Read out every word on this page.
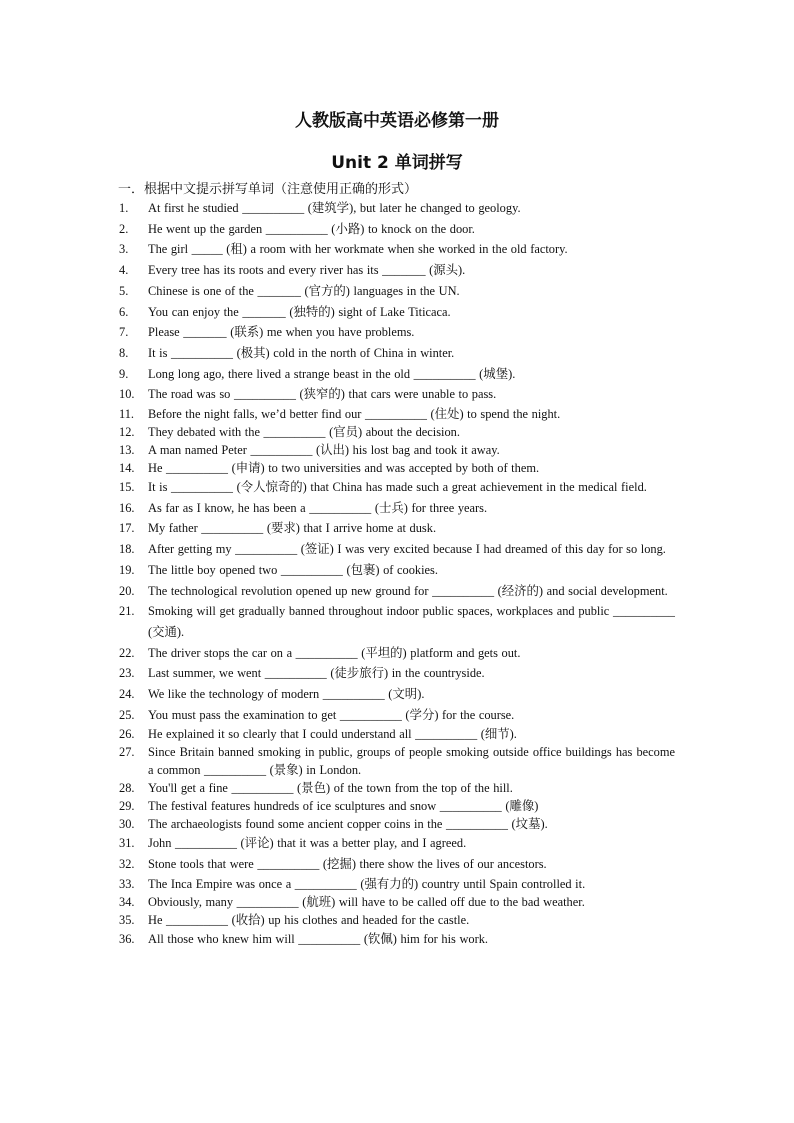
人教版高中英语必修第一册
Unit 2 单词拼写
一．根据中文提示拼写单词（注意使用正确的形式）
1.	At first he studied __________ (建筑学), but later he changed to geology.
2.	He went up the garden __________ (小路) to knock on the door.
3.	The girl _____ (租) a room with her workmate when she worked in the old factory.
4.	Every tree has its roots and every river has its _______ (源头).
5.	Chinese is one of the _______ (官方的) languages in the UN.
6.	You can enjoy the _______ (独特的) sight of Lake Titicaca.
7.	Please _______ (联系) me when you have problems.
8.	It is __________ (极其) cold in the north of China in winter.
9.	Long long ago, there lived a strange beast in the old __________ (城堡).
10.	The road was so __________ (狭窄的) that cars were unable to pass.
11.	Before the night falls, we’d better find our __________ (住处) to spend the night.
12.	They debated with the __________ (官员) about the decision.
13.	A man named Peter __________ (认出) his lost bag and took it away.
14.	He __________ (申请) to two universities and was accepted by both of them.
15.	It is __________ (令人惊奇的) that China has made such a great achievement in the medical field.
16.	As far as I know, he has been a __________ (士兵) for three years.
17.	My father __________ (要求) that I arrive home at dusk.
18.	After getting my __________ (签证) I was very excited because I had dreamed of this day for so long.
19.	The little boy opened two __________ (包裹) of cookies.
20.	The technological revolution opened up new ground for __________ (经济的) and social development.
21.	Smoking will get gradually banned throughout indoor public spaces, workplaces and public __________ (交通).
22.	The driver stops the car on a __________ (平坦的) platform and gets out.
23.	Last summer, we went __________ (徒步旅行) in the countryside.
24.	We like the technology of modern __________ (文明).
25.	You must pass the examination to get __________ (学分) for the course.
26.	He explained it so clearly that I could understand all __________ (细节).
27.	Since Britain banned smoking in public, groups of people smoking outside office buildings has become a common __________ (景象) in London.
28.	You'll get a fine __________ (景色) of the town from the top of the hill.
29.	The festival features hundreds of ice sculptures and snow __________ (雕像)
30.	The archaeologists found some ancient copper coins in the __________ (坟墓).
31.	John __________ (评论) that it was a better play, and I agreed.
32.	Stone tools that were __________ (挖掘) there show the lives of our ancestors.
33.	The Inca Empire was once a __________ (强有力的) country until Spain controlled it.
34.	Obviously, many __________ (航班) will have to be called off due to the bad weather.
35.	He __________ (收拾) up his clothes and headed for the castle.
36.	All those who knew him will __________ (钦佩) him for his work.
